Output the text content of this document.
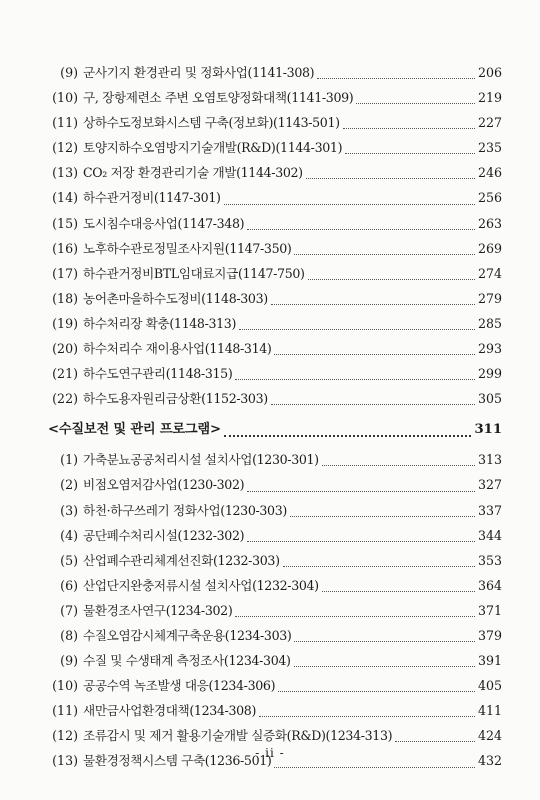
(9) 군사기지 환경관리 및 정화사업(1141-308)	206
(10) 구, 장항제련소 주변 오염토양정화대책(1141-309)	219
(11) 상하수도정보화시스템 구축(정보화)(1143-501)	227
(12) 토양지하수오염방지기술개발(R&D)(1144-301)	235
(13) CO₂ 저장 환경관리기술 개발(1144-302)	246
(14) 하수관거정비(1147-301)	256
(15) 도시침수대응사업(1147-348)	263
(16) 노후하수관로정밀조사지원(1147-350)	269
(17) 하수관거정비BTL임대료지급(1147-750)	274
(18) 농어촌마을하수도정비(1148-303)	279
(19) 하수처리장 확충(1148-313)	285
(20) 하수처리수 재이용사업(1148-314)	293
(21) 하수도연구관리(1148-315)	299
(22) 하수도용자원리금상환(1152-303)	305
<수질보전 및 관리 프로그램>	311
(1) 가축분뇨공공처리시설 설치사업(1230-301)	313
(2) 비점오염저감사업(1230-302)	327
(3) 하천·하구쓰레기 정화사업(1230-303)	337
(4) 공단폐수처리시설(1232-302)	344
(5) 산업폐수관리체계선진화(1232-303)	353
(6) 산업단지완충저류시설 설치사업(1232-304)	364
(7) 물환경조사연구(1234-302)	371
(8) 수질오염감시체계구축운용(1234-303)	379
(9) 수질 및 수생태계 측정조사(1234-304)	391
(10) 공공수역 녹조발생 대응(1234-306)	405
(11) 새만금사업환경대책(1234-308)	411
(12) 조류감시 및 제거 활용기술개발 실증화(R&D)(1234-313)	424
(13) 물환경정책시스템 구축(1236-501)	432
- ii -
